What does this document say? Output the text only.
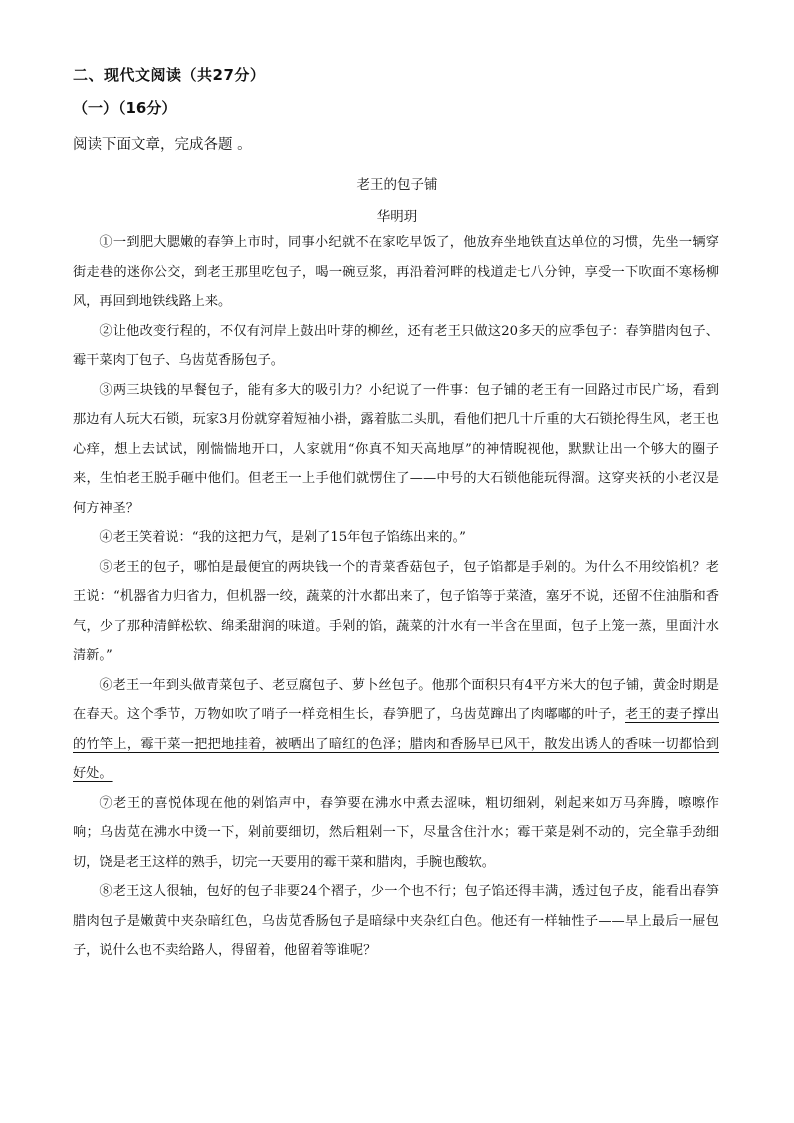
二、现代文阅读（共27分）
（一）（16分）
阅读下面文章，完成各题 。
老王的包子铺
华明玥

①一到肥大腮嫩的春笋上市时，同事小纪就不在家吃早饭了，他放弃坐地铁直达单位的习惯，先坐一辆穿街走巷的迷你公交，到老王那里吃包子，喝一碗豆浆，再沿着河畔的栈道走七八分钟，享受一下吹面不寒杨柳风，再回到地铁线路上来。

②让他改变行程的，不仅有河岸上鼓出叶芽的柳丝，还有老王只做这20多天的应季包子：春笋腊肉包子、霉干菜肉丁包子、乌齿苋香肠包子。

③两三块钱的早餐包子，能有多大的吸引力？小纪说了一件事：包子铺的老王有一回路过市民广场，看到那边有人玩大石锁，玩家3月份就穿着短袖小褂，露着肱二头肌，看他们把几十斤重的大石锁抡得生风，老王也心痒，想上去试试，刚惴惴地开口，人家就用“你真不知天高地厚”的神情睨视他，默默让出一个够大的圈子来，生怕老王脱手砸中他们。但老王一上手他们就愣住了——中号的大石锁他能玩得溜。这穿夹袄的小老汉是何方神圣？

④老王笑着说：“我的这把力气，是剁了15年包子馅练出来的。”

⑤老王的包子，哪怕是最便宜的两块钱一个的青菜香菇包子，包子馅都是手剁的。为什么不用绞馅机？老王说：“机器省力归省力，但机器一绞，蔬菜的汁水都出来了，包子馅等于菜渣，塞牙不说，还留不住油脂和香气，少了那种清鲜松软、绵柔甜润的味道。手剁的馅，蔬菜的汁水有一半含在里面，包子上笼一蒸，里面汁水清新。”

⑥老王一年到头做青菜包子、老豆腐包子、萝卜丝包子。他那个面积只有4平方米大的包子铺，黄金时期是在春天。这个季节，万物如吹了哨子一样竞相生长，春笋肥了，乌齿苋蹿出了肉嘟嘟的叶子，老王的妻子撑出的竹竿上，霉干菜一把把地挂着，被晒出了暗红的色泽；腊肉和香肠早已风干，散发出诱人的香味一切都恰到好处。

⑦老王的喜悦体现在他的剁馅声中，春笋要在沸水中煮去涩味，粗切细剁，剁起来如万马奔腾，嚓嚓作响；乌齿苋在沸水中烫一下，剁前要细切，然后粗剁一下，尽量含住汁水；霉干菜是剁不动的，完全靠手劲细切，饶是老王这样的熟手，切完一天要用的霉干菜和腊肉，手腕也酸软。

⑧老王这人很轴，包好的包子非要24个褶子，少一个也不行；包子馅还得丰满，透过包子皮，能看出春笋腊肉包子是嫩黄中夹杂暗红色，乌齿苋香肠包子是暗绿中夹杂红白色。他还有一样轴性子——早上最后一屉包子，说什么也不卖给路人，得留着，他留着等谁呢？
